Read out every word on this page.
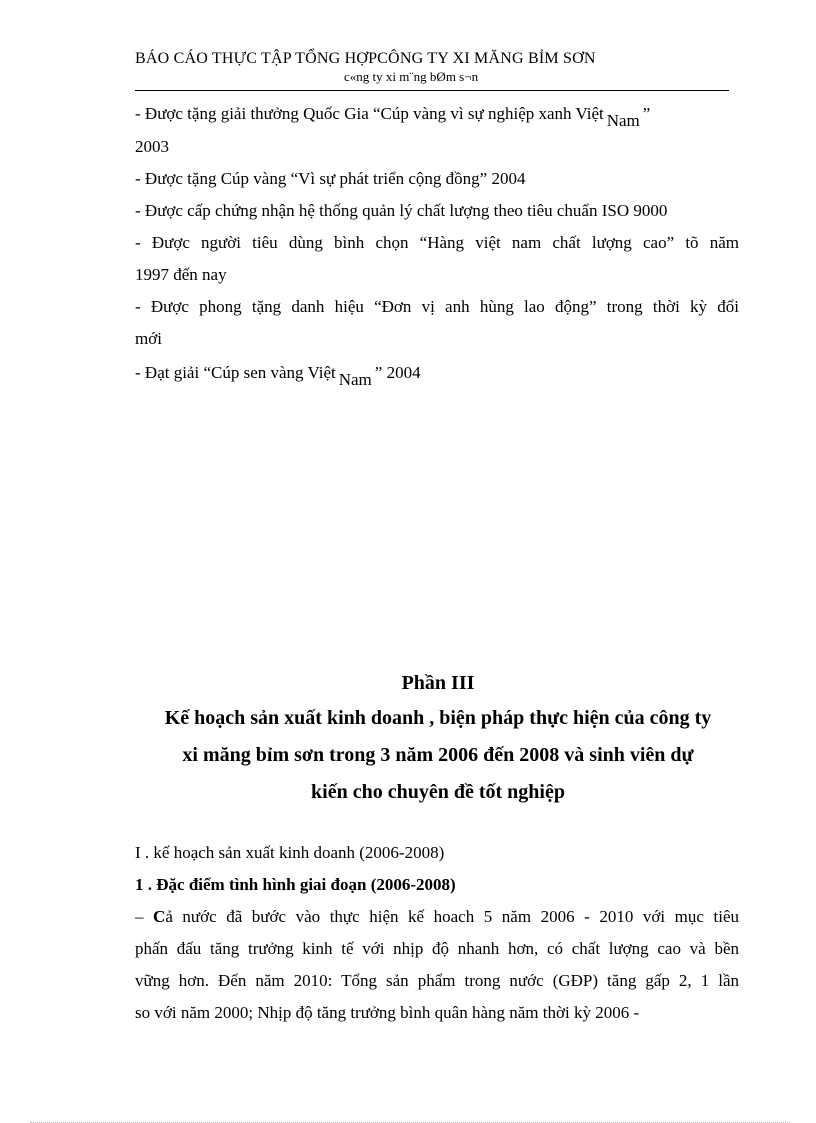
BÁO CÁO THỰC TẬP TỔNG HỢPCÔNG TY XI MĂNG BỈM SƠN
c«ng ty xi m¨ng bØm s¬n
- Được tặng giải thưởng Quốc Gia “Cúp vàng vì sự nghiệp xanh Việt Nam ”
2003
- Được tặng Cúp vàng “Vì sự phát triển cộng đồng” 2004
- Được cấp chứng nhận hệ thống quản lý chất lượng theo tiêu chuẩn ISO 9000
- Được người tiêu dùng bình chọn “Hàng việt nam chất lượng cao” tõ năm
1997 đến nay
- Được phong tặng danh hiệu “Đơn vị anh hùng lao động” trong thời kỳ đổi
mới
- Đạt giải “Cúp sen vàng Việt Nam ” 2004
Phần III
Kế hoạch sản xuất kinh doanh , biện pháp thực hiện của công ty
xi măng bỉm sơn trong 3 năm 2006 đến 2008 và sinh viên dự
kiến cho chuyên đề tốt nghiệp
I . kế hoạch sản xuất kinh doanh (2006-2008)
1 . Đặc điểm tình hình giai đoạn (2006-2008)
– Cả nước đã bước vào thực hiện kế hoach 5 năm 2006 - 2010 với mục tiêu
phấn đấu tăng trưởng kinh tế với nhịp độ nhanh hơn, có chất lượng cao và bền
vững hơn. Đến năm 2010: Tổng sản phẩm trong nước (GĐP) tăng gấp 2, 1 lần
so với năm 2000; Nhịp độ tăng trưởng bình quân hàng năm thời kỳ 2006 -
